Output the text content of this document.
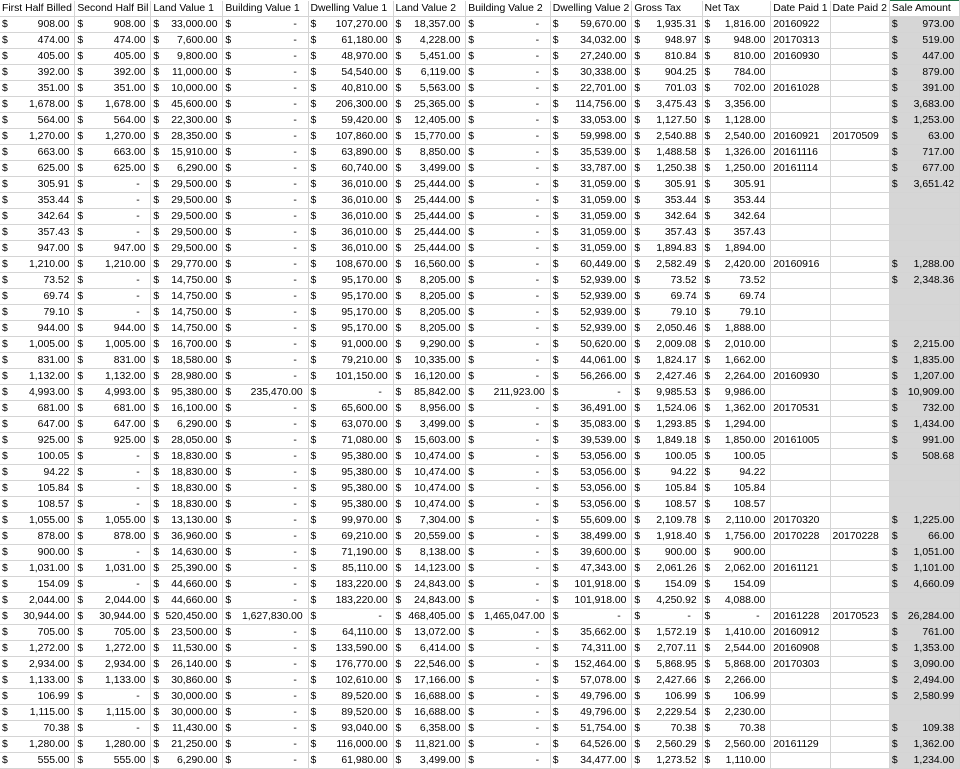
First Half Billed	Second Half Bil	Land Value 1	Building Value 1	Dwelling Value 1	Land Value 2	Building Value 2	Dwelling Value 2	Gross Tax	Net Tax	Date Paid 1	Date Paid 2	Sale Amount

$ 908.00	$ 908.00	$ 33,000.00	$ -	$ 107,270.00	$ 18,357.00	$ -	$ 59,670.00	$ 1,935.31	$ 1,816.00	20160922		$ 973.00

$ 474.00	$ 474.00	$ 7,600.00	$ -	$ 61,180.00	$ 4,228.00	$ -	$ 34,032.00	$ 948.97	$ 948.00	20170313		$ 519.00

$ 405.00	$ 405.00	$ 9,800.00	$ -	$ 48,970.00	$ 5,451.00	$ -	$ 27,240.00	$ 810.84	$ 810.00	20160930		$ 447.00

$ 392.00	$ 392.00	$ 11,000.00	$ -	$ 54,540.00	$ 6,119.00	$ -	$ 30,338.00	$ 904.25	$ 784.00			$ 879.00

$ 351.00	$ 351.00	$ 10,000.00	$ -	$ 40,810.00	$ 5,563.00	$ -	$ 22,701.00	$ 701.03	$ 702.00	20161028		$ 391.00

$ 1,678.00	$ 1,678.00	$ 45,600.00	$ -	$ 206,300.00	$ 25,365.00	$ -	$ 114,756.00	$ 3,475.43	$ 3,356.00			$ 3,683.00

$ 564.00	$ 564.00	$ 22,300.00	$ -	$ 59,420.00	$ 12,405.00	$ -	$ 33,053.00	$ 1,127.50	$ 1,128.00			$ 1,253.00

$ 1,270.00	$ 1,270.00	$ 28,350.00	$ -	$ 107,860.00	$ 15,770.00	$ -	$ 59,998.00	$ 2,540.88	$ 2,540.00	20160921	20170509	$ 63.00

$ 663.00	$ 663.00	$ 15,910.00	$ -	$ 63,890.00	$ 8,850.00	$ -	$ 35,539.00	$ 1,488.58	$ 1,326.00	20161116		$ 717.00

$ 625.00	$ 625.00	$ 6,290.00	$ -	$ 60,740.00	$ 3,499.00	$ -	$ 33,787.00	$ 1,250.38	$ 1,250.00	20161114		$ 677.00

$ 305.91	$ -	$ 29,500.00	$ -	$ 36,010.00	$ 25,444.00	$ -	$ 31,059.00	$ 305.91	$ 305.91			$ 3,651.42

$ 353.44	$ -	$ 29,500.00	$ -	$ 36,010.00	$ 25,444.00	$ -	$ 31,059.00	$ 353.44	$ 353.44			

$ 342.64	$ -	$ 29,500.00	$ -	$ 36,010.00	$ 25,444.00	$ -	$ 31,059.00	$ 342.64	$ 342.64			

$ 357.43	$ -	$ 29,500.00	$ -	$ 36,010.00	$ 25,444.00	$ -	$ 31,059.00	$ 357.43	$ 357.43			

$ 947.00	$ 947.00	$ 29,500.00	$ -	$ 36,010.00	$ 25,444.00	$ -	$ 31,059.00	$ 1,894.83	$ 1,894.00			

$ 1,210.00	$ 1,210.00	$ 29,770.00	$ -	$ 108,670.00	$ 16,560.00	$ -	$ 60,449.00	$ 2,582.49	$ 2,420.00	20160916		$ 1,288.00

$ 73.52	$ -	$ 14,750.00	$ -	$ 95,170.00	$ 8,205.00	$ -	$ 52,939.00	$ 73.52	$ 73.52			$ 2,348.36

$ 69.74	$ -	$ 14,750.00	$ -	$ 95,170.00	$ 8,205.00	$ -	$ 52,939.00	$ 69.74	$ 69.74			

$ 79.10	$ -	$ 14,750.00	$ -	$ 95,170.00	$ 8,205.00	$ -	$ 52,939.00	$ 79.10	$ 79.10			

$ 944.00	$ 944.00	$ 14,750.00	$ -	$ 95,170.00	$ 8,205.00	$ -	$ 52,939.00	$ 2,050.46	$ 1,888.00			

$ 1,005.00	$ 1,005.00	$ 16,700.00	$ -	$ 91,000.00	$ 9,290.00	$ -	$ 50,620.00	$ 2,009.08	$ 2,010.00			$ 2,215.00

$ 831.00	$ 831.00	$ 18,580.00	$ -	$ 79,210.00	$ 10,335.00	$ -	$ 44,061.00	$ 1,824.17	$ 1,662.00			$ 1,835.00

$ 1,132.00	$ 1,132.00	$ 28,980.00	$ -	$ 101,150.00	$ 16,120.00	$ -	$ 56,266.00	$ 2,427.46	$ 2,264.00	20160930		$ 1,207.00

$ 4,993.00	$ 4,993.00	$ 95,380.00	$ 235,470.00	$ -	$ 85,842.00	$ 211,923.00	$ -	$ 9,985.53	$ 9,986.00			$ 10,909.00

$ 681.00	$ 681.00	$ 16,100.00	$ -	$ 65,600.00	$ 8,956.00	$ -	$ 36,491.00	$ 1,524.06	$ 1,362.00	20170531		$ 732.00

$ 647.00	$ 647.00	$ 6,290.00	$ -	$ 63,070.00	$ 3,499.00	$ -	$ 35,083.00	$ 1,293.85	$ 1,294.00			$ 1,434.00

$ 925.00	$ 925.00	$ 28,050.00	$ -	$ 71,080.00	$ 15,603.00	$ -	$ 39,539.00	$ 1,849.18	$ 1,850.00	20161005		$ 991.00

$ 100.05	$ -	$ 18,830.00	$ -	$ 95,380.00	$ 10,474.00	$ -	$ 53,056.00	$ 100.05	$ 100.05			$ 508.68

$ 94.22	$ -	$ 18,830.00	$ -	$ 95,380.00	$ 10,474.00	$ -	$ 53,056.00	$ 94.22	$ 94.22			

$ 105.84	$ -	$ 18,830.00	$ -	$ 95,380.00	$ 10,474.00	$ -	$ 53,056.00	$ 105.84	$ 105.84			

$ 108.57	$ -	$ 18,830.00	$ -	$ 95,380.00	$ 10,474.00	$ -	$ 53,056.00	$ 108.57	$ 108.57			

$ 1,055.00	$ 1,055.00	$ 13,130.00	$ -	$ 99,970.00	$ 7,304.00	$ -	$ 55,609.00	$ 2,109.78	$ 2,110.00	20170320		$ 1,225.00

$ 878.00	$ 878.00	$ 36,960.00	$ -	$ 69,210.00	$ 20,559.00	$ -	$ 38,499.00	$ 1,918.40	$ 1,756.00	20170228	20170228	$ 66.00

$ 900.00	$ -	$ 14,630.00	$ -	$ 71,190.00	$ 8,138.00	$ -	$ 39,600.00	$ 900.00	$ 900.00			$ 1,051.00

$ 1,031.00	$ 1,031.00	$ 25,390.00	$ -	$ 85,110.00	$ 14,123.00	$ -	$ 47,343.00	$ 2,061.26	$ 2,062.00	20161121		$ 1,101.00

$ 154.09	$ -	$ 44,660.00	$ -	$ 183,220.00	$ 24,843.00	$ -	$ 101,918.00	$ 154.09	$ 154.09			$ 4,660.09

$ 2,044.00	$ 2,044.00	$ 44,660.00	$ -	$ 183,220.00	$ 24,843.00	$ -	$ 101,918.00	$ 4,250.92	$ 4,088.00			

$ 30,944.00	$ 30,944.00	$ 520,450.00	$ 1,627,830.00	$ -	$ 468,405.00	$ 1,465,047.00	$ -	$ -	$ -	20161228	20170523	$ 26,284.00

$ 705.00	$ 705.00	$ 23,500.00	$ -	$ 64,110.00	$ 13,072.00	$ -	$ 35,662.00	$ 1,572.19	$ 1,410.00	20160912		$ 761.00

$ 1,272.00	$ 1,272.00	$ 11,530.00	$ -	$ 133,590.00	$ 6,414.00	$ -	$ 74,311.00	$ 2,707.11	$ 2,544.00	20160908		$ 1,353.00

$ 2,934.00	$ 2,934.00	$ 26,140.00	$ -	$ 176,770.00	$ 22,546.00	$ -	$ 152,464.00	$ 5,868.95	$ 5,868.00	20170303		$ 3,090.00

$ 1,133.00	$ 1,133.00	$ 30,860.00	$ -	$ 102,610.00	$ 17,166.00	$ -	$ 57,078.00	$ 2,427.66	$ 2,266.00			$ 2,494.00

$ 106.99	$ -	$ 30,000.00	$ -	$ 89,520.00	$ 16,688.00	$ -	$ 49,796.00	$ 106.99	$ 106.99			$ 2,580.99

$ 1,115.00	$ 1,115.00	$ 30,000.00	$ -	$ 89,520.00	$ 16,688.00	$ -	$ 49,796.00	$ 2,229.54	$ 2,230.00			

$ 70.38	$ -	$ 11,430.00	$ -	$ 93,040.00	$ 6,358.00	$ -	$ 51,754.00	$ 70.38	$ 70.38			$ 109.38

$ 1,280.00	$ 1,280.00	$ 21,250.00	$ -	$ 116,000.00	$ 11,821.00	$ -	$ 64,526.00	$ 2,560.29	$ 2,560.00	20161129		$ 1,362.00

$ 555.00	$ 555.00	$ 6,290.00	$ -	$ 61,980.00	$ 3,499.00	$ -	$ 34,477.00	$ 1,273.52	$ 1,110.00			$ 1,234.00
